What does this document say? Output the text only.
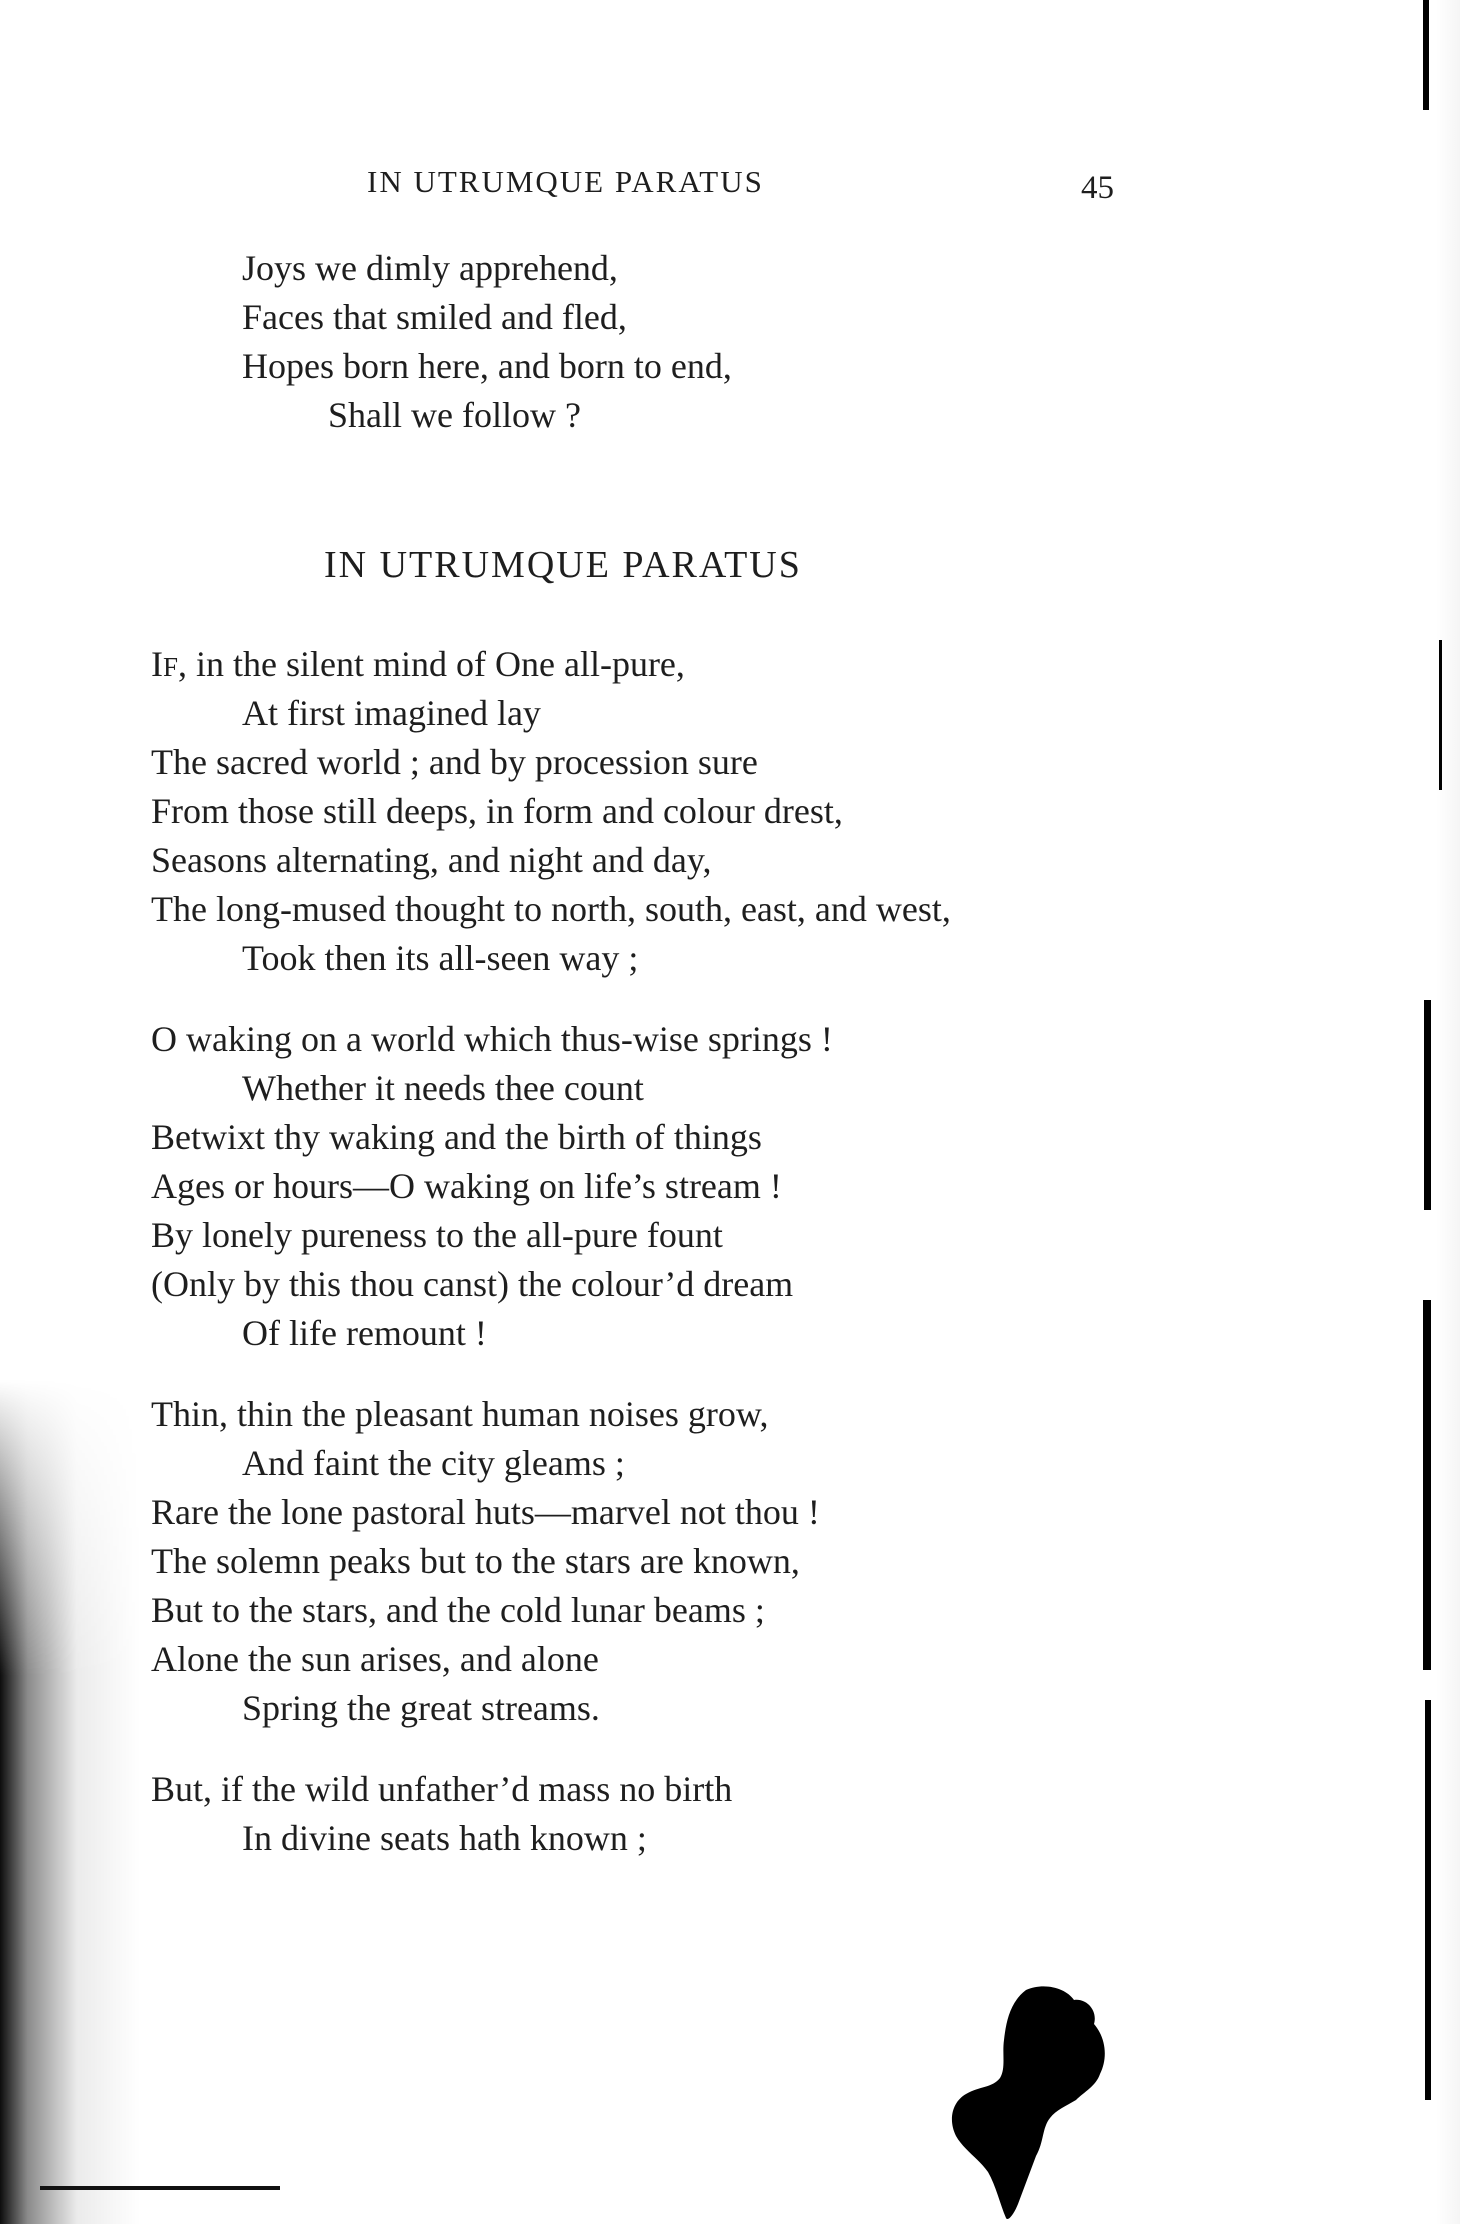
IN UTRUMQUE PARATUS	45
Joys we dimly apprehend,
Faces that smiled and fled,
Hopes born here, and born to end,
Shall we follow ?
IN UTRUMQUE PARATUS
IF, in the silent mind of One all-pure,
At first imagined lay
The sacred world ; and by procession sure
From those still deeps, in form and colour drest,
Seasons alternating, and night and day,
The long-mused thought to north, south, east, and west,
Took then its all-seen way ;
O waking on a world which thus-wise springs !
Whether it needs thee count
Betwixt thy waking and the birth of things
Ages or hours—O waking on life’s stream !
By lonely pureness to the all-pure fount
(Only by this thou canst) the colour’d dream
Of life remount !
Thin, thin the pleasant human noises grow,
And faint the city gleams ;
Rare the lone pastoral huts—marvel not thou !
The solemn peaks but to the stars are known,
But to the stars, and the cold lunar beams ;
Alone the sun arises, and alone
Spring the great streams.
But, if the wild unfather’d mass no birth
In divine seats hath known ;
